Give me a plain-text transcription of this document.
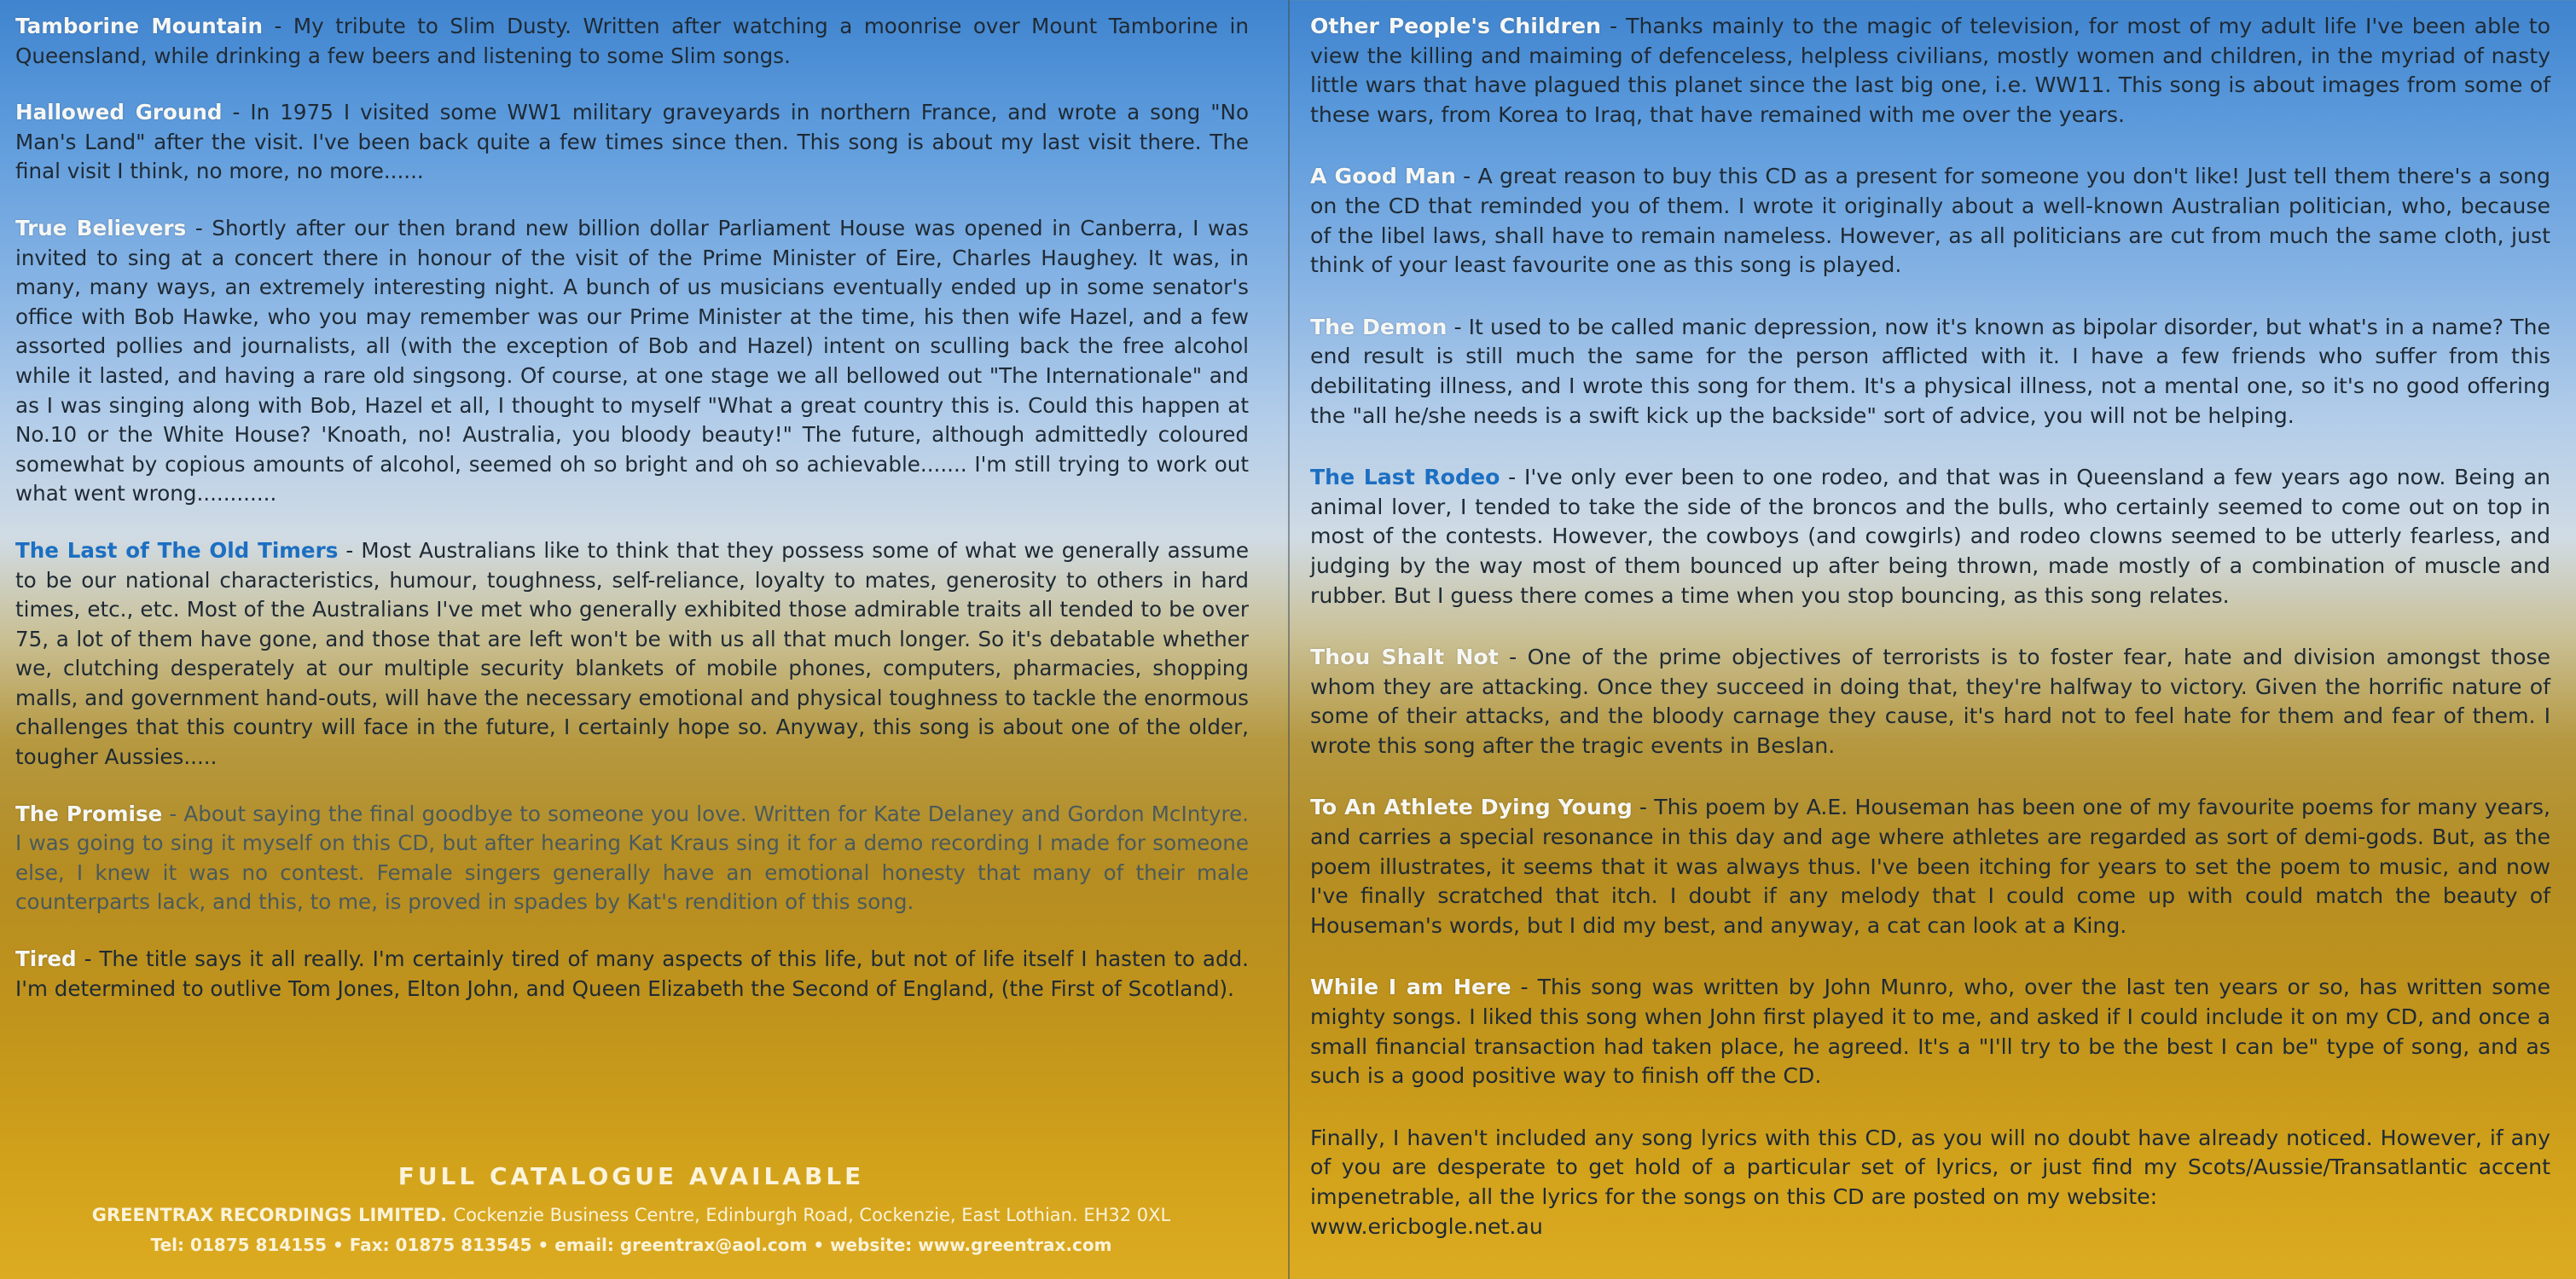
Tamborine Mountain - My tribute to Slim Dusty. Written after watching a moonrise over Mount Tamborine in Queensland, while drinking a few beers and listening to some Slim songs.

Hallowed Ground - In 1975 I visited some WW1 military graveyards in northern France, and wrote a song "No Man's Land" after the visit. I've been back quite a few times since then. This song is about my last visit there. The final visit I think, no more, no more......

True Believers - Shortly after our then brand new billion dollar Parliament House was opened in Canberra, I was invited to sing at a concert there in honour of the visit of the Prime Minister of Eire, Charles Haughey. It was, in many, many ways, an extremely interesting night. A bunch of us musicians eventually ended up in some senator's office with Bob Hawke, who you may remember was our Prime Minister at the time, his then wife Hazel, and a few assorted pollies and journalists, all (with the exception of Bob and Hazel) intent on sculling back the free alcohol while it lasted, and having a rare old singsong. Of course, at one stage we all bellowed out "The Internationale" and as I was singing along with Bob, Hazel et all, I thought to myself "What a great country this is. Could this happen at No.10 or the White House? 'Knoath, no! Australia, you bloody beauty!" The future, although admittedly coloured somewhat by copious amounts of alcohol, seemed oh so bright and oh so achievable....... I'm still trying to work out what went wrong............

The Last of The Old Timers - Most Australians like to think that they possess some of what we generally assume to be our national characteristics, humour, toughness, self-reliance, loyalty to mates, generosity to others in hard times, etc., etc. Most of the Australians I've met who generally exhibited those admirable traits all tended to be over 75, a lot of them have gone, and those that are left won't be with us all that much longer. So it's debatable whether we, clutching desperately at our multiple security blankets of mobile phones, computers, pharmacies, shopping malls, and government hand-outs, will have the necessary emotional and physical toughness to tackle the enormous challenges that this country will face in the future, I certainly hope so. Anyway, this song is about one of the older, tougher Aussies.....

The Promise - About saying the final goodbye to someone you love. Written for Kate Delaney and Gordon McIntyre. I was going to sing it myself on this CD, but after hearing Kat Kraus sing it for a demo recording I made for someone else, I knew it was no contest. Female singers generally have an emotional honesty that many of their male counterparts lack, and this, to me, is proved in spades by Kat's rendition of this song.

Tired - The title says it all really. I'm certainly tired of many aspects of this life, but not of life itself I hasten to add. I'm determined to outlive Tom Jones, Elton John, and Queen Elizabeth the Second of England, (the First of Scotland).

FULL CATALOGUE AVAILABLE
GREENTRAX RECORDINGS LIMITED. Cockenzie Business Centre, Edinburgh Road, Cockenzie, East Lothian. EH32 0XL
Tel: 01875 814155 • Fax: 01875 813545 • email: greentrax@aol.com • website: www.greentrax.com

Other People's Children - Thanks mainly to the magic of television, for most of my adult life I've been able to view the killing and maiming of defenceless, helpless civilians, mostly women and children, in the myriad of nasty little wars that have plagued this planet since the last big one, i.e. WW11. This song is about images from some of these wars, from Korea to Iraq, that have remained with me over the years.

A Good Man - A great reason to buy this CD as a present for someone you don't like! Just tell them there's a song on the CD that reminded you of them. I wrote it originally about a well-known Australian politician, who, because of the libel laws, shall have to remain nameless. However, as all politicians are cut from much the same cloth, just think of your least favourite one as this song is played.

The Demon - It used to be called manic depression, now it's known as bipolar disorder, but what's in a name? The end result is still much the same for the person afflicted with it. I have a few friends who suffer from this debilitating illness, and I wrote this song for them. It's a physical illness, not a mental one, so it's no good offering the "all he/she needs is a swift kick up the backside" sort of advice, you will not be helping.

The Last Rodeo - I've only ever been to one rodeo, and that was in Queensland a few years ago now. Being an animal lover, I tended to take the side of the broncos and the bulls, who certainly seemed to come out on top in most of the contests. However, the cowboys (and cowgirls) and rodeo clowns seemed to be utterly fearless, and judging by the way most of them bounced up after being thrown, made mostly of a combination of muscle and rubber. But I guess there comes a time when you stop bouncing, as this song relates.

Thou Shalt Not - One of the prime objectives of terrorists is to foster fear, hate and division amongst those whom they are attacking. Once they succeed in doing that, they're halfway to victory. Given the horrific nature of some of their attacks, and the bloody carnage they cause, it's hard not to feel hate for them and fear of them. I wrote this song after the tragic events in Beslan.

To An Athlete Dying Young - This poem by A.E. Houseman has been one of my favourite poems for many years, and carries a special resonance in this day and age where athletes are regarded as sort of demi-gods. But, as the poem illustrates, it seems that it was always thus. I've been itching for years to set the poem to music, and now I've finally scratched that itch. I doubt if any melody that I could come up with could match the beauty of Houseman's words, but I did my best, and anyway, a cat can look at a King.

While I am Here - This song was written by John Munro, who, over the last ten years or so, has written some mighty songs. I liked this song when John first played it to me, and asked if I could include it on my CD, and once a small financial transaction had taken place, he agreed. It's a "I'll try to be the best I can be" type of song, and as such is a good positive way to finish off the CD.

Finally, I haven't included any song lyrics with this CD, as you will no doubt have already noticed. However, if any of you are desperate to get hold of a particular set of lyrics, or just find my Scots/Aussie/Transatlantic accent impenetrable, all the lyrics for the songs on this CD are posted on my website:
www.ericbogle.net.au
